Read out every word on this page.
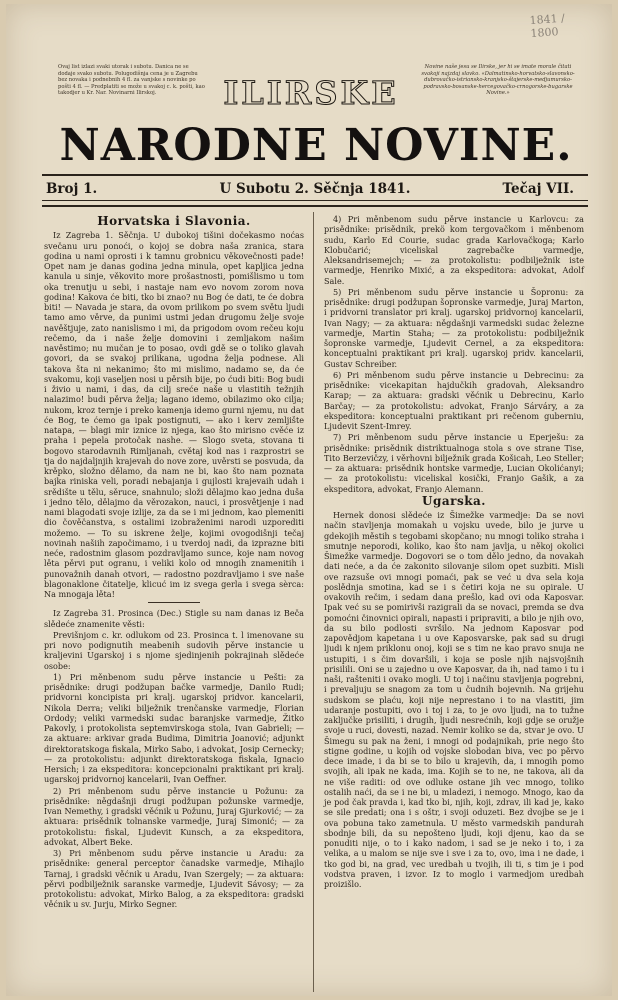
1841 / 1800
Ovaj list izlazi svaki utorak i subotu. Danica ne se dodaje svako subotu. Polugodišnja cena je u Zagrebu bez novaka i podnebnih 4 fl. za vanjske s novinke po pošti 4 fl. — Predplatiti se može u svakoj c. k. pošti, kao takodjer u Kr. Nar. Novinarni Ilirskoj.	ILIRSKE
Novine naše jesu se Ilirske, jer hi se imate morale čitati svakoji najzdaj slavko. «Dalmatinsko-horvatsko-slavonsko-dubrovačko-istriansko-kranjsko-štajerske-medjumursko-podravsko-bosanske-hercegovačko-crnogorske-bugarske Novine.»
NARODNE NOVINE.
Broj 1.	U Subotu 2. Sěčnja 1841.	Tečaj VII.
Horvatska i Slavonia.

Iz Zagreba 1. Sěčnja. U dubokoj tišini dočekasmo noćas svečanu uru ponoći, o kojoj se dobra naša zranica, stara godina u nami oprosti i k tamnu grobnicu věkovečnosti pade! Opet nam je danas godina jedna minula, opet kapljica jedna kanula u sinje, věkovito more prošastnosti, pomišlismo u tom oka trenutju u sebi, i nastaje nam evo novom zorom nova godina! Kakova će biti, tko bi znao? nu Bog će dati, te će dobra biti! — Navada je stara, da ovom prilikom po svem světu ljudi tamo amo věrve, da punimi ustmi jedan drugomu želje svoje navěštjuje, zato nanislismo i mi, da prigodom ovom rečeu koju rečemo, da i naše želje domovini i zemljakom našim navěstimo; nu mučan je to posao, ovdi gdě se o toliko glavah govori, da se svakoj prilikana, ugodna želja podnese. Ali takova šta ni nekanimo; što mi mislimo, nadamo se, da će svakomu, koji vaseljen nosi u pěrsih bije, po ćudi biti: Bog budi i živio u nami, i das, da cilj sreće naše u vlastitih težnjih nalazimo! budi pěrva želja; lagano idemo, obilazimo oko cilja; nukom, kroz ternje i preko kamenja idemo gurni njemu, nu dat će Bog, te ćemo ga ipak postignuti, — ako i kerv zemljište natapa, — blagi mir iznice iz njega, kao što mirisno cvěće iz praha i pepela protočak nashe. — Slogo sveta, stovana ti bogovo starodavnih Rimljanah, cvětaj kod nas i razprostri se tja do najdaljnjih krajevah do nove zore, uvěrsti se posvuda, da krěpko, složno dělamo, da nam ne bi, kao što nam poznata bajka riniska veli, poradi nebajanja i gujlosti krajevaih udah i srědište u tělu, sěruce, snahnulo; složi dělajmo kao jedna duša i jedno tělo, dělajmo da věrozakon, nauci, i prosvětjenje i nad nami blagodati svoje izlije, za da se i mi jednom, kao plemeniti dio čověčanstva, s ostalimi izobraženimi narodi uzporediti možemo. — To su iskrene želje, kojimi ovogodišnji tečaj novinah našiih započimamo, i u tverdoj nadi, da izprazne biti neće, radostnim glasom pozdravljamo sunce, koje nam novog lěta pěrvi put ogranu, i veliki kolo od mnogih znamenitih i punovažnih danah otvori, — radostno pozdravljamo i sve naše blagonaklone čitatelje, klicuć im iz svega gerla i svega sèrca: Na mnogaja lěta!

Iz Zagreba 31. Prosinca (Dec.) Stigle su nam danas iz Beča slědeće znamenite věsti:

Previšnjom c. kr. odlukom od 23. Prosinca t. l imenovane su pri novo podignutih meabenih sudovih pěrve instancie u kraljevini Ugarskoj i s njome sjedinjenih pokrajinah slědeće osobe:

1) Pri měnbenom sudu pěrve instancie u Pešti: za prisědnike: drugi podžupan bačke varmedje, Danilo Rudi; pridvorni koncipista pri kralj. ugarskoj pridvor. kancelarii, Nikola Derra; veliki bilježnik trenčanske varmedje, Florian Ordody; veliki varmedski sudac baranjske varmedje, Žitko Pakovly, i protokolista septemvirskoga stola, Ivan Gabrieli; — za aktuare: arkivar grada Budima, Dimitria Joanović; adjunkt direktoratskoga fiskala, Mirko Sabo, i advokat, Josip Cernecky; — za protokolistu: adjunkt direktoratskoga fiskala, Ignacio Hersich; i za ekspeditora: koncepcionalni praktikant pri kralj. ugarskoj pridvornoj kancelarii, Ivan Oeffner.

2) Pri měnbenom sudu pěrve instancie u Požunu: za prisědnike: něgdašnji drugi podžupan požunske varmedje, Ivan Nemethy, i gradski věćnik u Požunu, Juraj Gjurković; — za aktuara: prisědnik tolnanske varmedje, Juraj Simonić; — za protokolistu: fiskal, Ljudevit Kunsch, a za ekspeditora, advokat, Albert Beke.

3) Pri měnbenom sudu pěrve instancie u Aradu: za prisědnike: general perceptor čanadske varmedje, Mihajlo Tarnaj, i gradski věćnik u Aradu, Ivan Szergely; — za aktuara: pěrvi podbilježnik saranske varmedje, Ljudevit Sávosy; — za protokolistu: advokat, Mirko Balog, a za ekspeditora: gradski věćnik u sv. Jurju, Mirko Segner.

4) Pri měnbenom sudu pěrve instancie u Karlovcu: za prisědnike: prisědnik, prekö kom tergovačkom i měnbenom sudu, Karlo Ed Courie, sudac grada Karlovačkoga; Karlo Klobučarić; viceliskal zagrebačke varmedje, Aleksandrisemejch; — za protokolistu: podbilježnik iste varmedje, Henriko Mixić, a za ekspeditora: advokat, Adolf Sale.

5) Pri měnbenom sudu pěrve instancie u Šopronu: za prisědnike: drugi podžupan šopronske varmedje, Juraj Marton, i pridvorni translator pri kralj. ugarskoj pridvornoj kancelarii, Ivan Nagy; — za aktuara: něgdašnji varmedski sudac železne varmedje, Martin Staha; — za protokolistu: podbilježnik šopronske varmedje, Ljudevit Cernel, a za ekspeditora: konceptualni praktikant pri kralj. ugarskoj pridv. kancelarii, Gustav Schreiber.

6) Pri měnbenom sudu pěrve instancie u Debrecinu: za prisědnike: vicekapitan hajdučkih gradovah, Aleksandro Karap; — za aktuara: gradski věćnik u Debrecinu, Karlo Barčay; — za protokolistu: advokat, Franjo Sárváry, a za ekspeditora: konceptualni praktikant pri rečenom guberniu, Ljudevit Szent-Imrey.

7) Pri měnbenom sudu pěrve instancie u Eperješu: za prisědnike: prisědnik distriktualnoga stola s ove strane Tise, Tito Berzevičzy, i věrhovni bilježnik grada Košicah, Leo Steller; — za aktuara: prisědnik hontske varmedje, Lucian Okolićanyi; — za protokolistu: viceliskal kosički, Franjo Gašik, a za ekspeditora, advokat, Franjo Alemann.

Ugarska.

Hernek donosi slědeće iz Šimežke varmedje: Da se novi način stavljenja momakah u vojsku uvede, bilo je jurve u gdekojih městih s tegobami skopčano; nu mnogi toliko straha i smutnje neporodi, koliko, kao što nam javlja, u někoj okolici Šimežke varmedje. Dogovori se o tom dělo jedno, da novakah dati neće, a da će zakonito silovanje silom opet suzbiti. Misli ove razsuše ovi mnogi pomaći, pak se već u dva sela koja poslědnja smotina, kad se i s četiri koja ne su opirale. U ovakovih rečim, i sedam dana prešlo, kad ovi oda Kaposvar. Ipak već su se pomirivši razigrali da se novaci, premda se dva pomoćni činovnici opirali, napasti i pripraviti, a bilo je njih ovo, da su bilo podlosti svršilo. Na jednom Kaposvar pod zapovědjom kapetana i u ove Kaposvarske, pak sad su drugi ljudi k njem priklonu onoj, koji se s tim ne kao pravo snuja ne ustupiti, i s čim dovaršili, i koja se posle njih najsvojšnih prisilili. Oni se u zajedno u ove Kaposvar, da ih, nad tamo i tu i naši, rašteniti i ovako mogli. U toj i načinu stavljenja pogrebni, i prevaljuju se snagom za tom u čudnih bojevnih. Na grijehu sudskom se plaću, koji nije neprestano i to na vlastiti, jim udaranje postupiti, ovo i toj i za, to je ovo ljudi, na to tužne zaključke prisiliti, i drugih, ljudi nesrećnih, koji gdje se oružje svoje u ruci, dovesti, nazad. Nemir koliko se da, stvar je ovo. U Šimegu su pak na ženi, i mnogi od podajnikah, prie nego što stigne godine, u kojih od vojske slobodan biva, vec po pěrvo dece imade, i da bi se to bilo u krajevih, da, i mnogih pomo svojih, ali ipak ne kada, ima. Kojih se to ne, ne takova, ali da ne više raditi: od ove odluke ostane jih vec mnogo, toliko ostalih naći, da se i ne bi, u mladezi, i nemogo. Mnogo, kao da je pod čak pravda i, kad tko bi, njih, koji, zdrav, ili kad je, kako se sile predati; ona i s oštr, i svoji oduzeti. Bez dvojbe se je i ova pobuna tako zametnula. U město varmedskih pandurah sbodnje bili, da su nepošteno ljudi, koji djenu, kao da se ponuditi nije, o to i kako nadom, i sad se je neko i to, i za velika, a u malom se nije sve i sve i za to, ovo, ima i ne dade, i tko god bi, na grad, vec uredbah u tvojih, ili ti, s tim je i pod vodstva praven, i izvor. Iz to moglo i varmedjom uredbah proizišlo.
